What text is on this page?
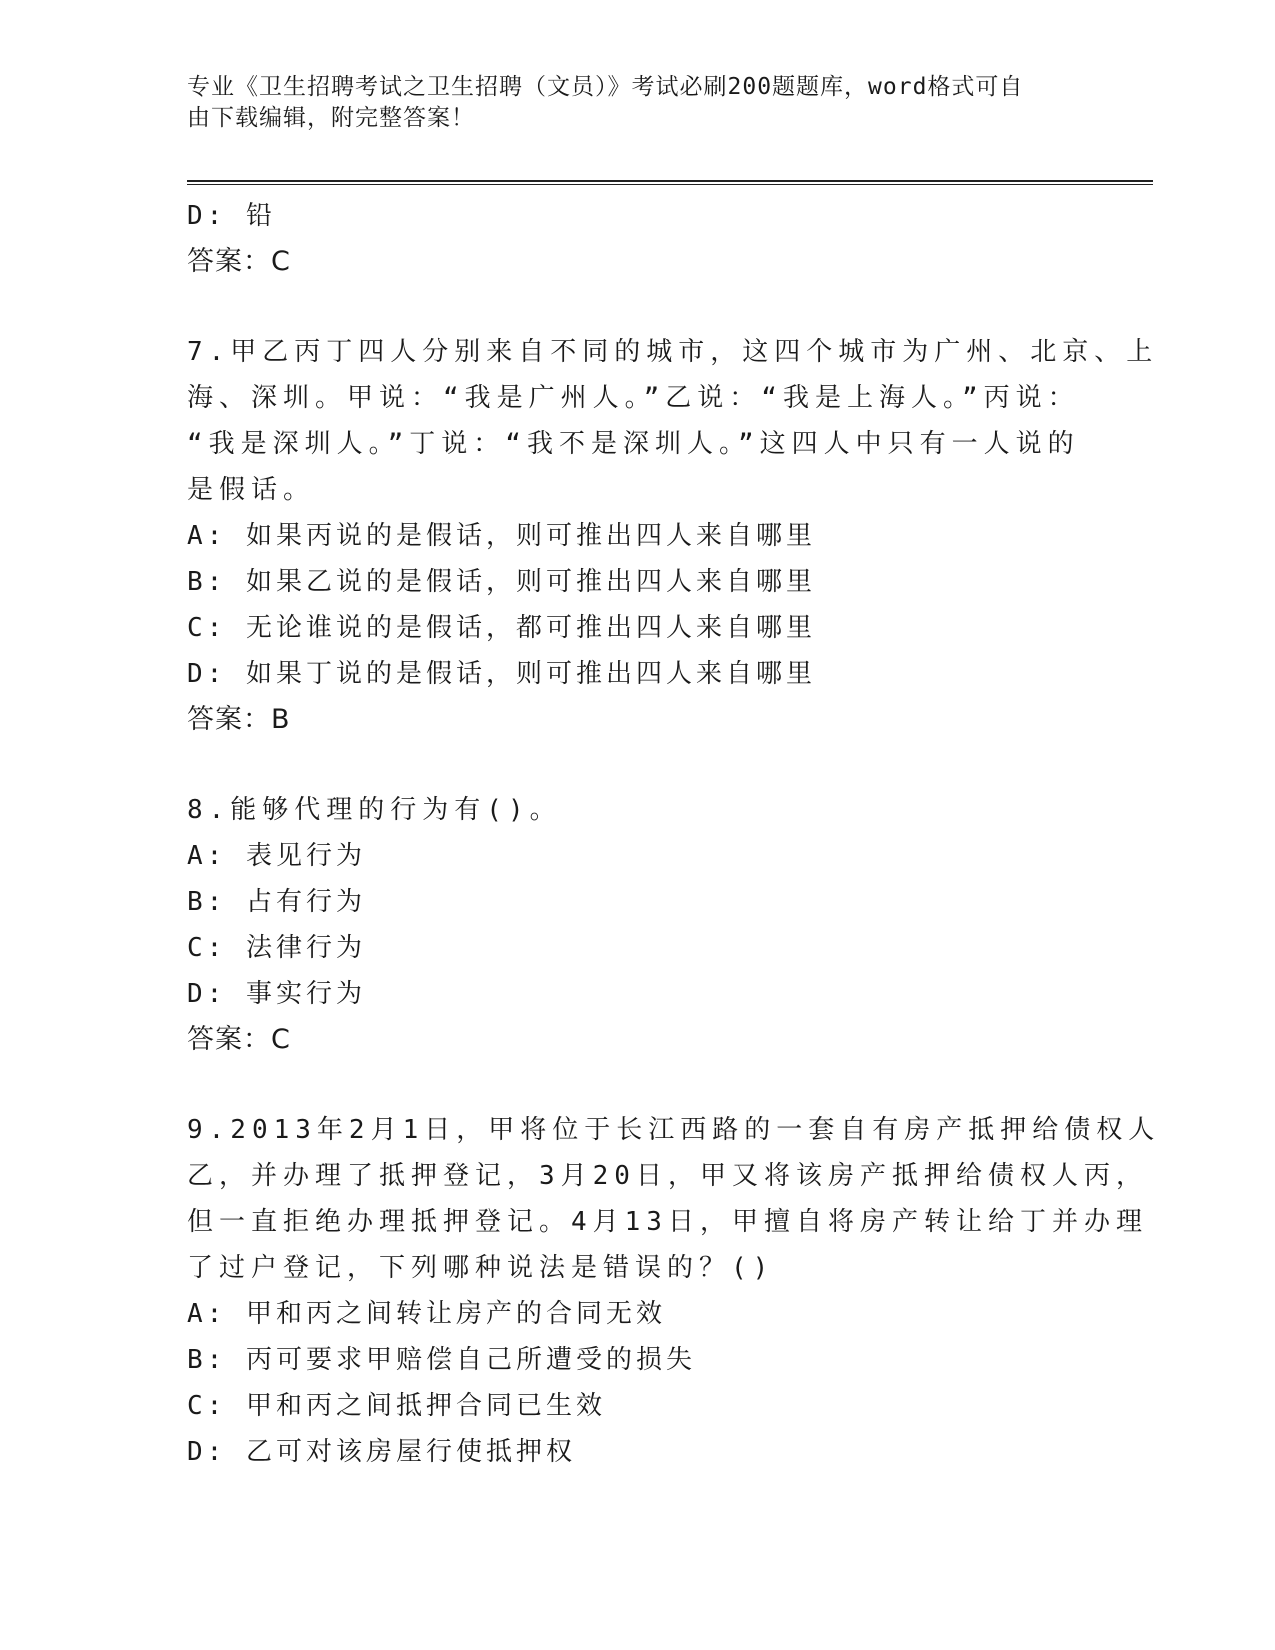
专业《卫生招聘考试之卫生招聘（文员）》考试必刷200题题库，word格式可自
由下载编辑，附完整答案！
D: 铅
答案：C
7.甲乙丙丁四人分别来自不同的城市，这四个城市为广州、北京、上
海、深圳。甲说：“我是广州人。”乙说：“我是上海人。”丙说：
“我是深圳人。”丁说：“我不是深圳人。”这四人中只有一人说的
是假话。
A: 如果丙说的是假话，则可推出四人来自哪里
B: 如果乙说的是假话，则可推出四人来自哪里
C: 无论谁说的是假话，都可推出四人来自哪里
D: 如果丁说的是假话，则可推出四人来自哪里
答案：B
8.能够代理的行为有()。
A: 表见行为
B: 占有行为
C: 法律行为
D: 事实行为
答案：C
9.2013年2月1日，甲将位于长江西路的一套自有房产抵押给债权人
乙，并办理了抵押登记，3月20日，甲又将该房产抵押给债权人丙，
但一直拒绝办理抵押登记。4月13日，甲擅自将房产转让给丁并办理
了过户登记，下列哪种说法是错误的？()
A: 甲和丙之间转让房产的合同无效
B: 丙可要求甲赔偿自己所遭受的损失
C: 甲和丙之间抵押合同已生效
D: 乙可对该房屋行使抵押权
